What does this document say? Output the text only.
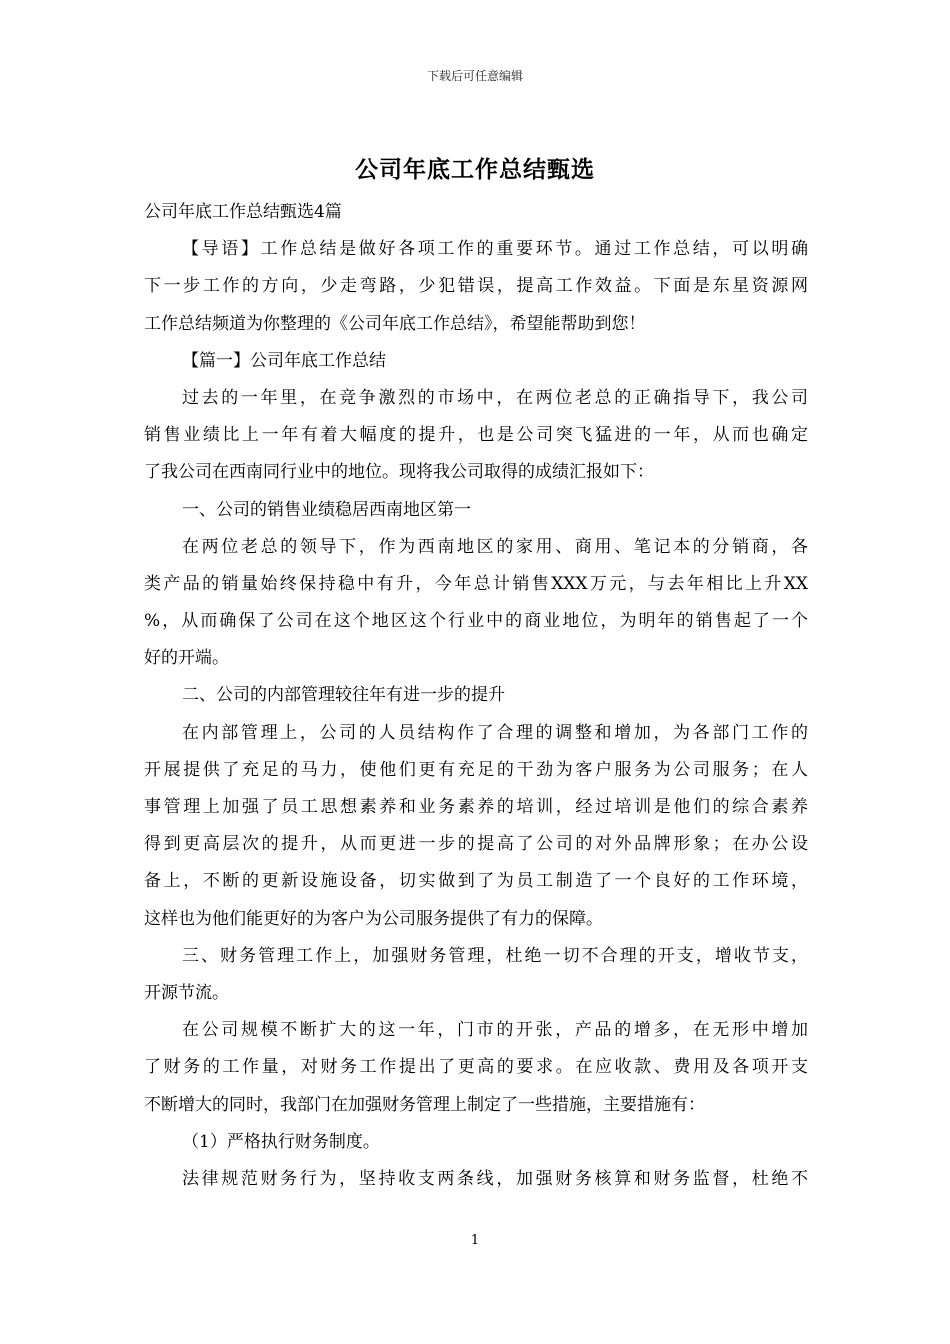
下载后可任意编辑
公司年底工作总结甄选
公司年底工作总结甄选4篇
【导语】工作总结是做好各项工作的重要环节。通过工作总结，可以明确
下一步工作的方向，少走弯路，少犯错误，提高工作效益。下面是东星资源网
工作总结频道为你整理的《公司年底工作总结》，希望能帮助到您！
【篇一】公司年底工作总结
过去的一年里，在竞争激烈的市场中，在两位老总的正确指导下，我公司
销售业绩比上一年有着大幅度的提升，也是公司突飞猛进的一年，从而也确定
了我公司在西南同行业中的地位。现将我公司取得的成绩汇报如下：
一、公司的销售业绩稳居西南地区第一
在两位老总的领导下，作为西南地区的家用、商用、笔记本的分销商，各
类产品的销量始终保持稳中有升，今年总计销售XXX万元，与去年相比上升XX
%，从而确保了公司在这个地区这个行业中的商业地位，为明年的销售起了一个
好的开端。
二、公司的内部管理较往年有进一步的提升
在内部管理上，公司的人员结构作了合理的调整和增加，为各部门工作的
开展提供了充足的马力，使他们更有充足的干劲为客户服务为公司服务；在人
事管理上加强了员工思想素养和业务素养的培训，经过培训是他们的综合素养
得到更高层次的提升，从而更进一步的提高了公司的对外品牌形象；在办公设
备上，不断的更新设施设备，切实做到了为员工制造了一个良好的工作环境，
这样也为他们能更好的为客户为公司服务提供了有力的保障。
三、财务管理工作上，加强财务管理，杜绝一切不合理的开支，增收节支，
开源节流。
在公司规模不断扩大的这一年，门市的开张，产品的增多，在无形中增加
了财务的工作量，对财务工作提出了更高的要求。在应收款、费用及各项开支
不断增大的同时，我部门在加强财务管理上制定了一些措施，主要措施有：
（1）严格执行财务制度。
法律规范财务行为，坚持收支两条线，加强财务核算和财务监督，杜绝不
1
